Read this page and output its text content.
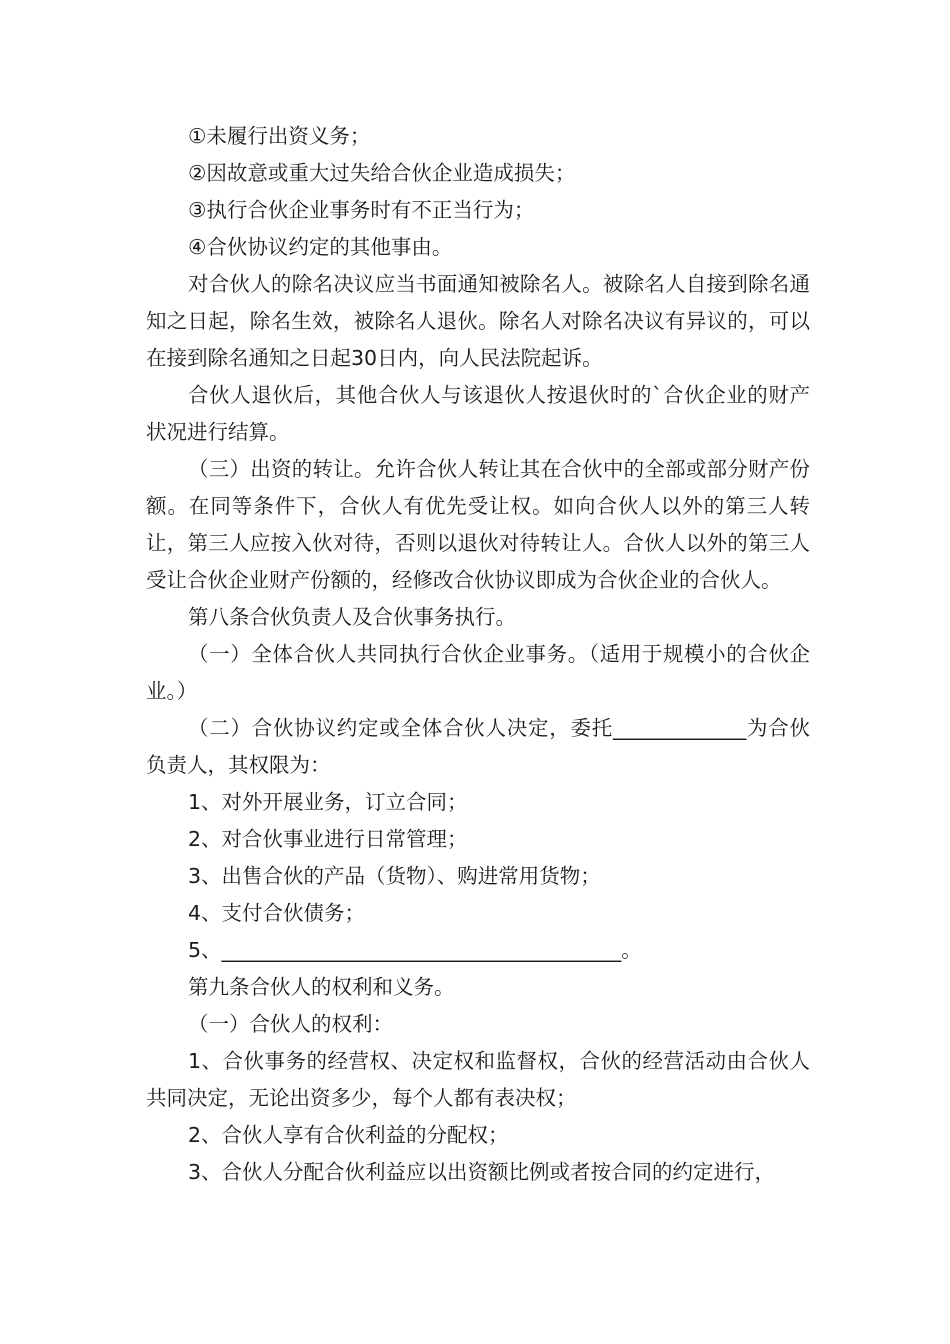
①未履行出资义务；

②因故意或重大过失给合伙企业造成损失；

③执行合伙企业事务时有不正当行为；

④合伙协议约定的其他事由。

对合伙人的除名决议应当书面通知被除名人。被除名人自接到除名通知之日起，除名生效，被除名人退伙。除名人对除名决议有异议的，可以在接到除名通知之日起30日内，向人民法院起诉。

合伙人退伙后，其他合伙人与该退伙人按退伙时的`合伙企业的财产状况进行结算。

（三）出资的转让。允许合伙人转让其在合伙中的全部或部分财产份额。在同等条件下，合伙人有优先受让权。如向合伙人以外的第三人转让，第三人应按入伙对待，否则以退伙对待转让人。合伙人以外的第三人受让合伙企业财产份额的，经修改合伙协议即成为合伙企业的合伙人。

第八条合伙负责人及合伙事务执行。

（一）全体合伙人共同执行合伙企业事务。（适用于规模小的合伙企业。）

（二）合伙协议约定或全体合伙人决定，委托_____________为合伙负责人，其权限为：

1、对外开展业务，订立合同；

2、对合伙事业进行日常管理；

3、出售合伙的产品（货物）、购进常用货物；

4、支付合伙债务；

5、_______________________________________。

第九条合伙人的权利和义务。

（一）合伙人的权利：

1、合伙事务的经营权、决定权和监督权，合伙的经营活动由合伙人共同决定，无论出资多少，每个人都有表决权；

2、合伙人享有合伙利益的分配权；

3、合伙人分配合伙利益应以出资额比例或者按合同的约定进行，
